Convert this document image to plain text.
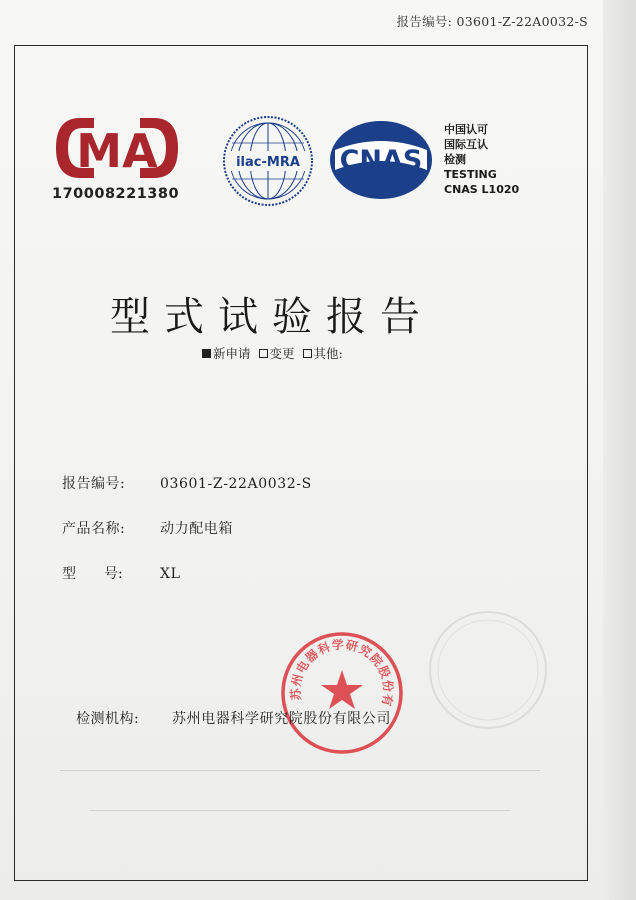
报告编号: 03601-Z-22A0032-S
MA
170008221380
ilac-MRA CNAS
中国认可
国际互认
检测
TESTING
CNAS L1020
型式试验报告
新申请 变更 其他:
报告编号: 03601-Z-22A0032-S
产品名称: 动力配电箱
型　　号:	XL
苏州电器科学研究院股份有
检测机构: 苏州电器科学研究院股份有限公司
